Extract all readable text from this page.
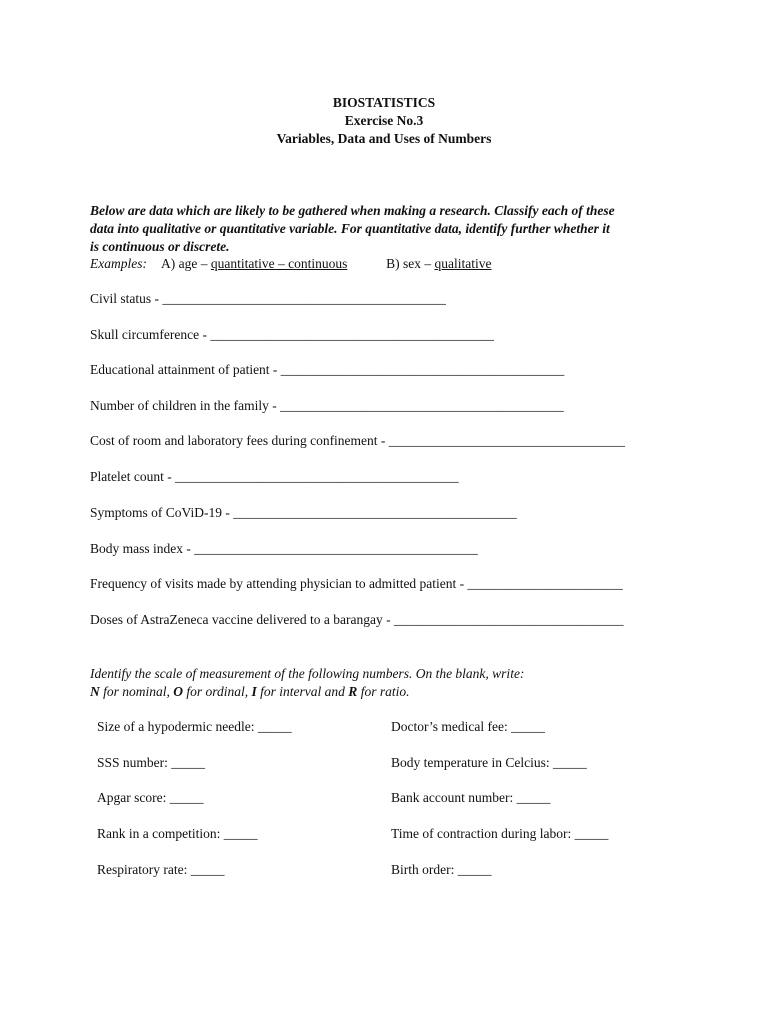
BIOSTATISTICS
Exercise No.3
Variables, Data and Uses of Numbers
Below are data which are likely to be gathered when making a research. Classify each of these
data into qualitative or quantitative variable. For quantitative data, identify further whether it
is continuous or discrete.
Examples: A) age – quantitative – continuous	B) sex – qualitative
Civil status - __________________________________________
Skull circumference - __________________________________________
Educational attainment of patient - __________________________________________
Number of children in the family - __________________________________________
Cost of room and laboratory fees during confinement - ___________________________________
Platelet count - __________________________________________
Symptoms of CoViD-19 - __________________________________________
Body mass index - __________________________________________
Frequency of visits made by attending physician to admitted patient - _______________________
Doses of AstraZeneca vaccine delivered to a barangay - __________________________________
Identify the scale of measurement of the following numbers. On the blank, write:
N for nominal, O for ordinal, I for interval and R for ratio.
Size of a hypodermic needle: _____
SSS number: _____
Apgar score: _____
Rank in a competition: _____
Respiratory rate: _____
Doctor’s medical fee: _____
Body temperature in Celcius: _____
Bank account number: _____
Time of contraction during labor: _____
Birth order: _____
